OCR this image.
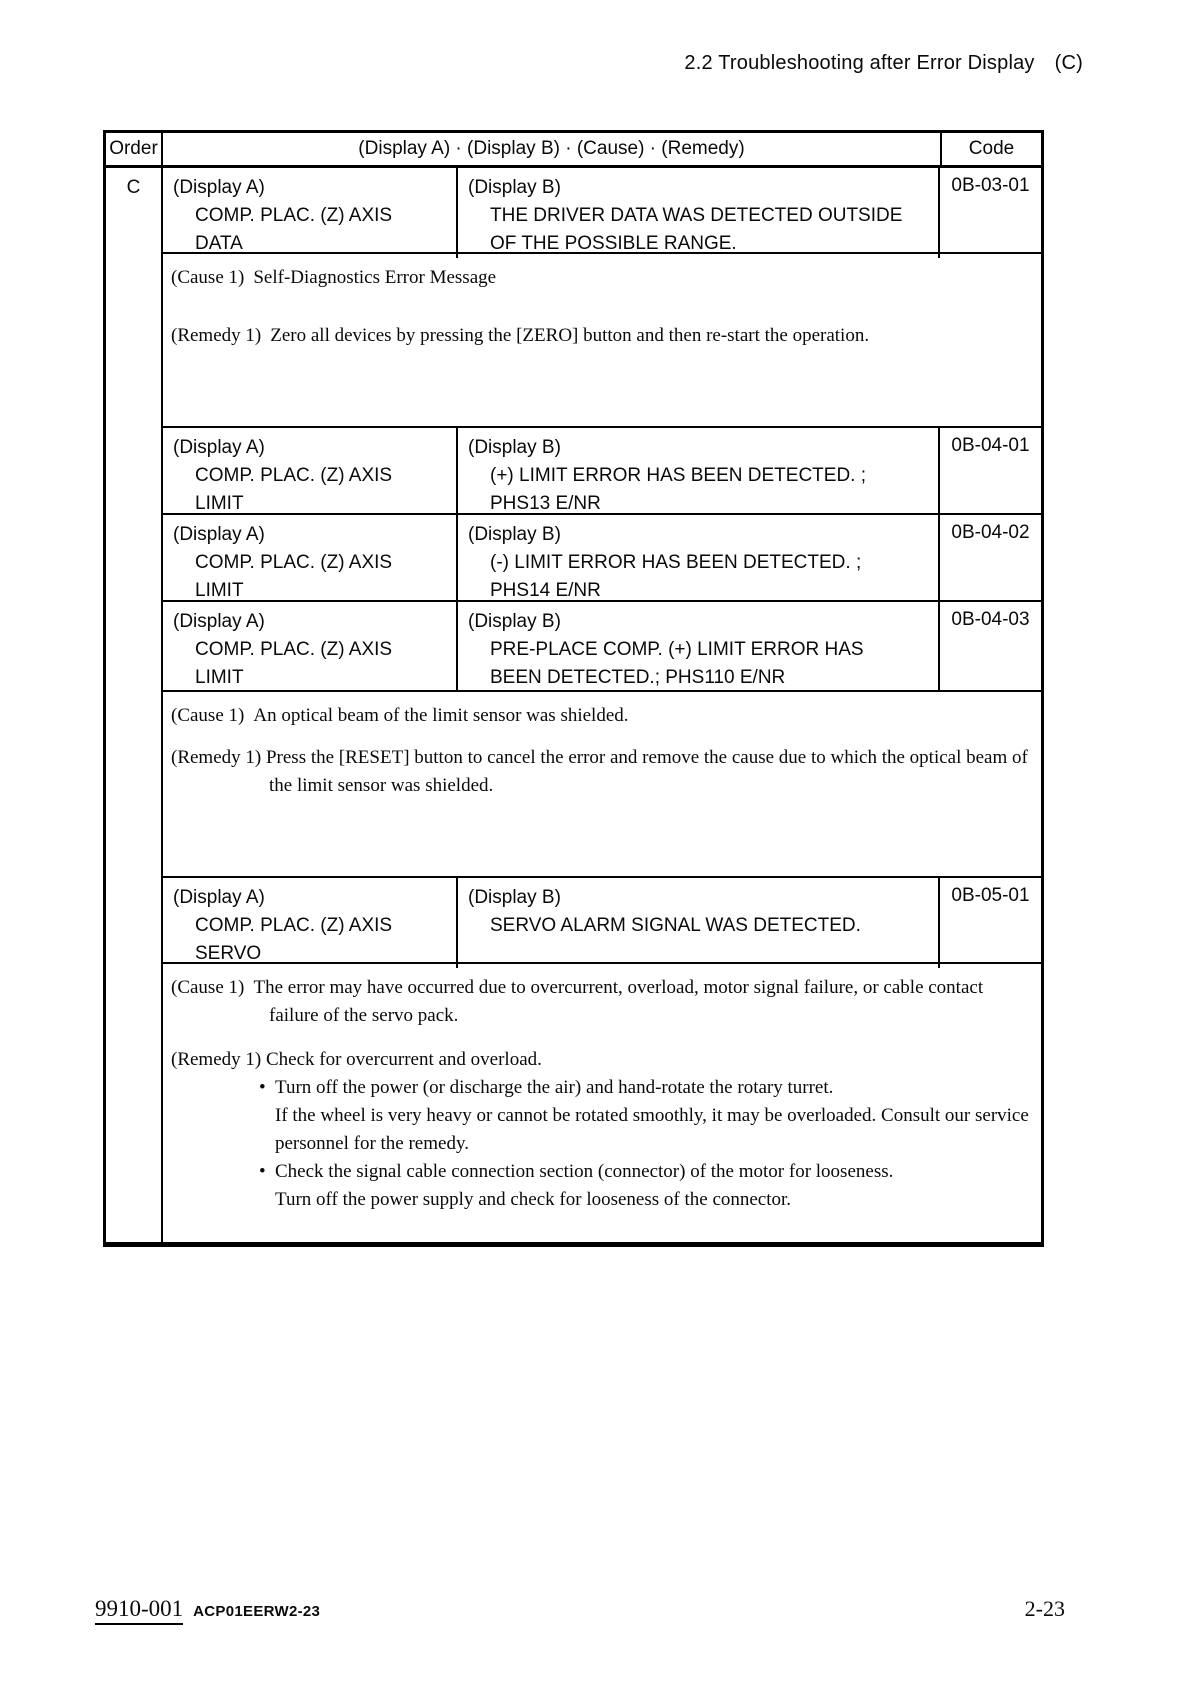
2.2 Troubleshooting after Error Display (C)
Order	(Display A) · (Display B) · (Cause) · (Remedy)	Code
C	(Display A)
COMP. PLAC. (Z) AXIS
DATA
(Display B)
THE DRIVER DATA WAS DETECTED OUTSIDE
OF THE POSSIBLE RANGE.
0B-03-01

(Cause 1) Self-Diagnostics Error Message

(Remedy 1) Zero all devices by pressing the [ZERO] button and then re-start the operation.

(Display A)
COMP. PLAC. (Z) AXIS
LIMIT
(Display B)
(+) LIMIT ERROR HAS BEEN DETECTED. ;
PHS13 E/NR
0B-04-01
(Display A)
COMP. PLAC. (Z) AXIS
LIMIT
(Display B)
(-) LIMIT ERROR HAS BEEN DETECTED. ;
PHS14 E/NR
0B-04-02
(Display A)
COMP. PLAC. (Z) AXIS
LIMIT
(Display B)
PRE-PLACE COMP. (+) LIMIT ERROR HAS
BEEN DETECTED.; PHS110 E/NR
0B-04-03

(Cause 1) An optical beam of the limit sensor was shielded.

(Remedy 1) Press the [RESET] button to cancel the error and remove the cause due to which the optical beam of the limit sensor was shielded.

(Display A)
COMP. PLAC. (Z) AXIS
SERVO
(Display B)
SERVO ALARM SIGNAL WAS DETECTED.
0B-05-01

(Cause 1) The error may have occurred due to overcurrent, overload, motor signal failure, or cable contact failure of the servo pack.

(Remedy 1) Check for overcurrent and overload.

• Turn off the power (or discharge the air) and hand-rotate the rotary turret.

If the wheel is very heavy or cannot be rotated smoothly, it may be overloaded. Consult our service personnel for the remedy.

• Check the signal cable connection section (connector) of the motor for looseness.

Turn off the power supply and check for looseness of the connector.

9910-001 ACP01EERW2-23	2-23
